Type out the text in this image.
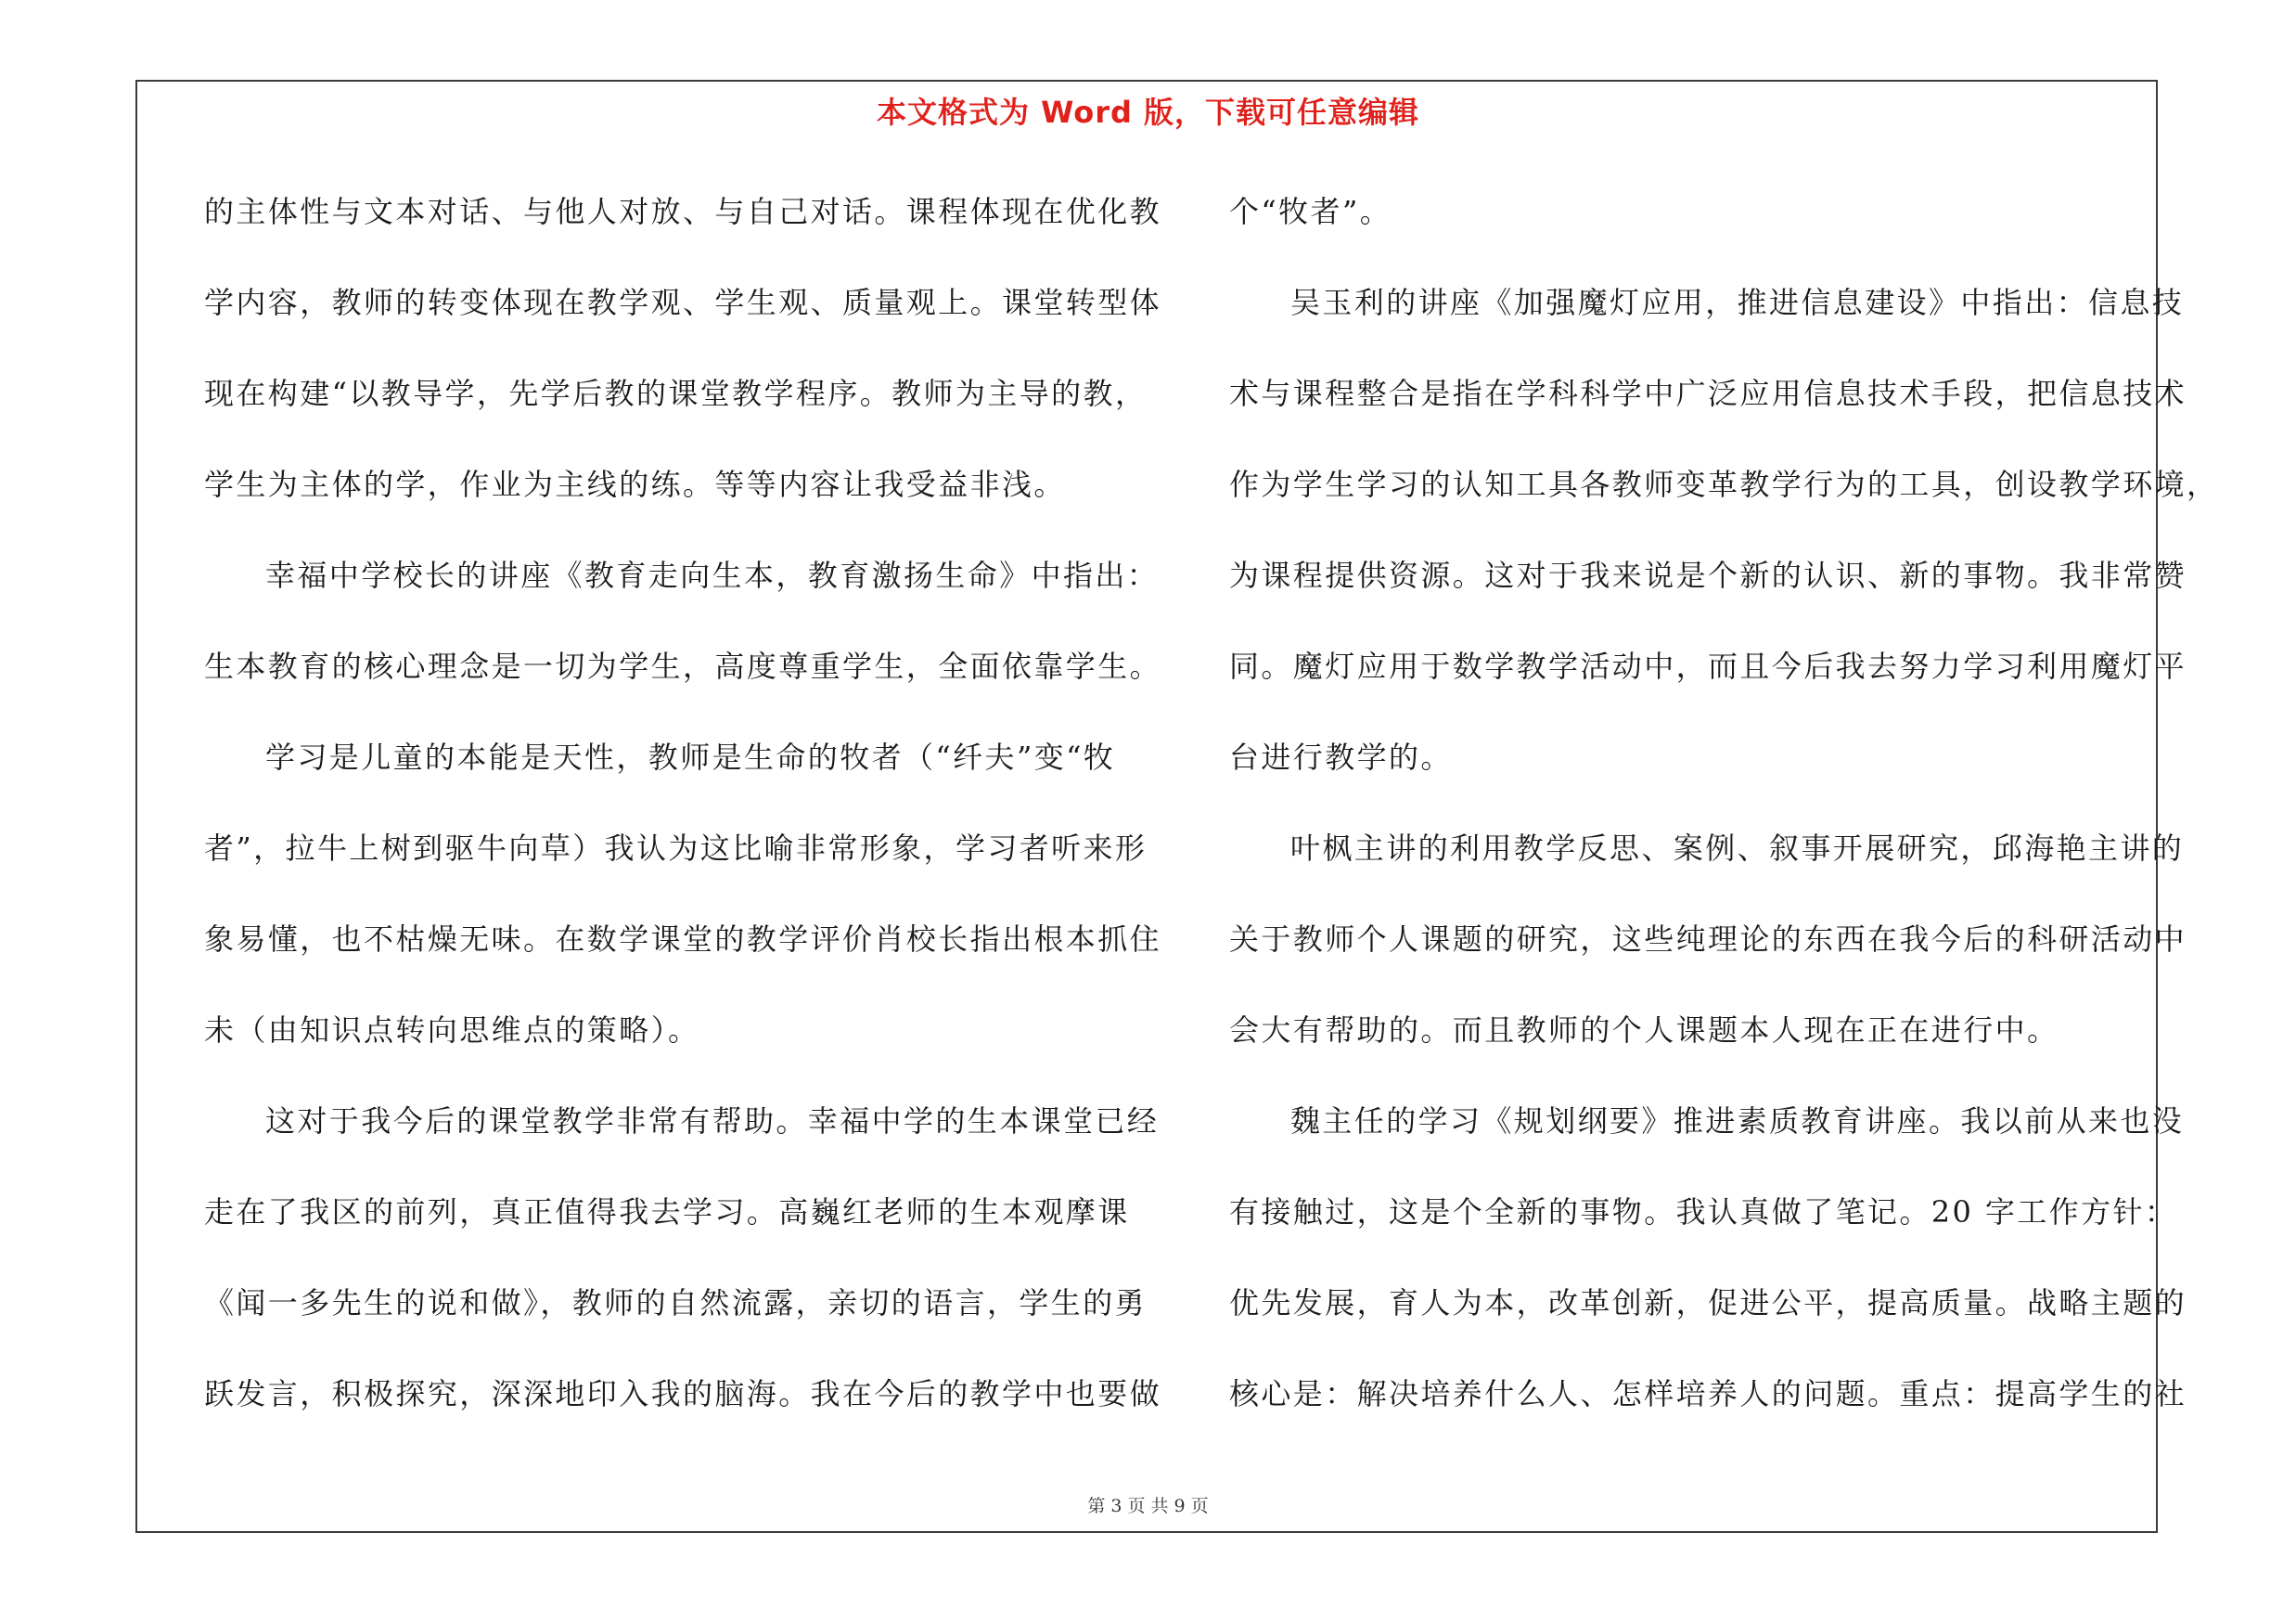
本文格式为 Word 版，下载可任意编辑
的主体性与文本对话、与他人对放、与自己对话。课程体现在优化教
学内容，教师的转变体现在教学观、学生观、质量观上。课堂转型体
现在构建“以教导学，先学后教的课堂教学程序。教师为主导的教，
学生为主体的学，作业为主线的练。等等内容让我受益非浅。
幸福中学校长的讲座《教育走向生本，教育激扬生命》中指出：
生本教育的核心理念是一切为学生，高度尊重学生，全面依靠学生。
学习是儿童的本能是天性，教师是生命的牧者（“纤夫”变“牧
者”，拉牛上树到驱牛向草）我认为这比喻非常形象，学习者听来形
象易懂，也不枯燥无味。在数学课堂的教学评价肖校长指出根本抓住
未（由知识点转向思维点的策略）。
这对于我今后的课堂教学非常有帮助。幸福中学的生本课堂已经
走在了我区的前列，真正值得我去学习。高巍红老师的生本观摩课
《闻一多先生的说和做》，教师的自然流露，亲切的语言，学生的勇
跃发言，积极探究，深深地印入我的脑海。我在今后的教学中也要做
个“牧者”。
吴玉利的讲座《加强魔灯应用，推进信息建设》中指出：信息技
术与课程整合是指在学科科学中广泛应用信息技术手段，把信息技术
作为学生学习的认知工具各教师变革教学行为的工具，创设教学环境，
为课程提供资源。这对于我来说是个新的认识、新的事物。我非常赞
同。魔灯应用于数学教学活动中，而且今后我去努力学习利用魔灯平
台进行教学的。
叶枫主讲的利用教学反思、案例、叙事开展研究，邱海艳主讲的
关于教师个人课题的研究，这些纯理论的东西在我今后的科研活动中
会大有帮助的。而且教师的个人课题本人现在正在进行中。
魏主任的学习《规划纲要》推进素质教育讲座。我以前从来也没
有接触过，这是个全新的事物。我认真做了笔记。20 字工作方针：
优先发展，育人为本，改革创新，促进公平，提高质量。战略主题的
核心是：解决培养什么人、怎样培养人的问题。重点：提高学生的社
第 3 页 共 9 页
